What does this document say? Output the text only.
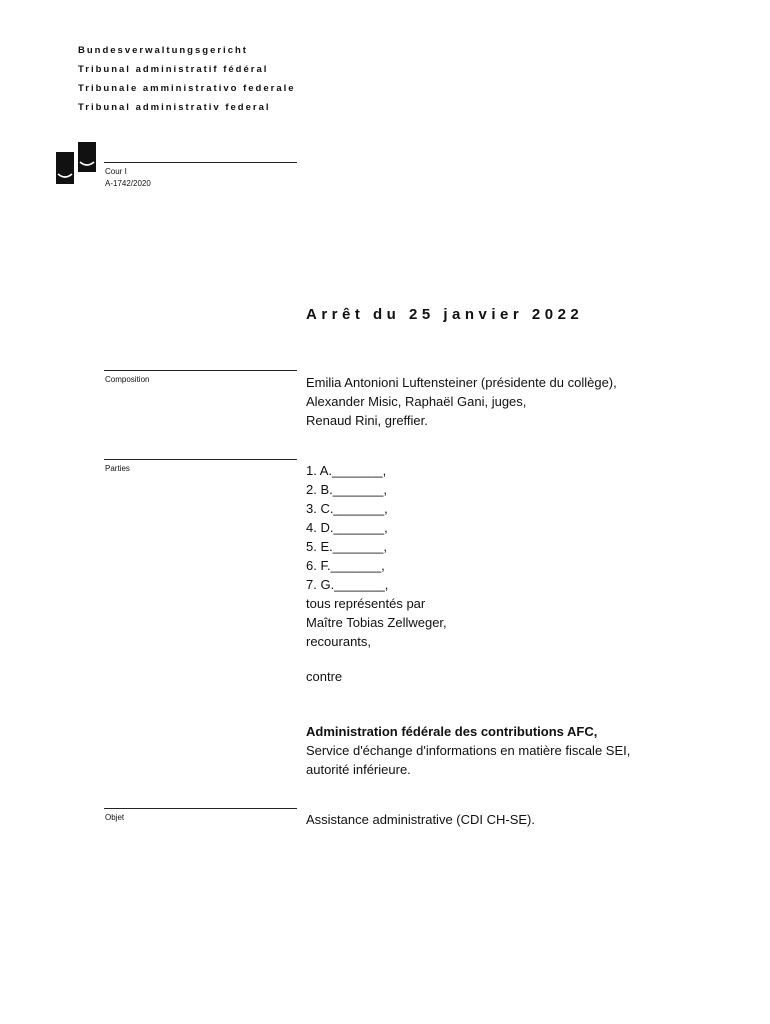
Bundesverwaltungsgericht
Tribunal administratif fédéral
Tribunale amministrativo federale
Tribunal administrativ federal
Cour I
A-1742/2020
Arrêt du 25 janvier 2022
Composition	Emilia Antonioni Luftensteiner (présidente du collège),
Alexander Misic, Raphaël Gani, juges,
Renaud Rini, greffier.
Parties	1. A._______,
2. B._______,
3. C._______,
4. D._______,
5. E._______,
6. F._______,
7. G._______,
tous représentés par
Maître Tobias Zellweger,
recourants,
contre
Administration fédérale des contributions AFC,
Service d'échange d'informations en matière fiscale SEI,
autorité inférieure.
Objet	Assistance administrative (CDI CH-SE).
